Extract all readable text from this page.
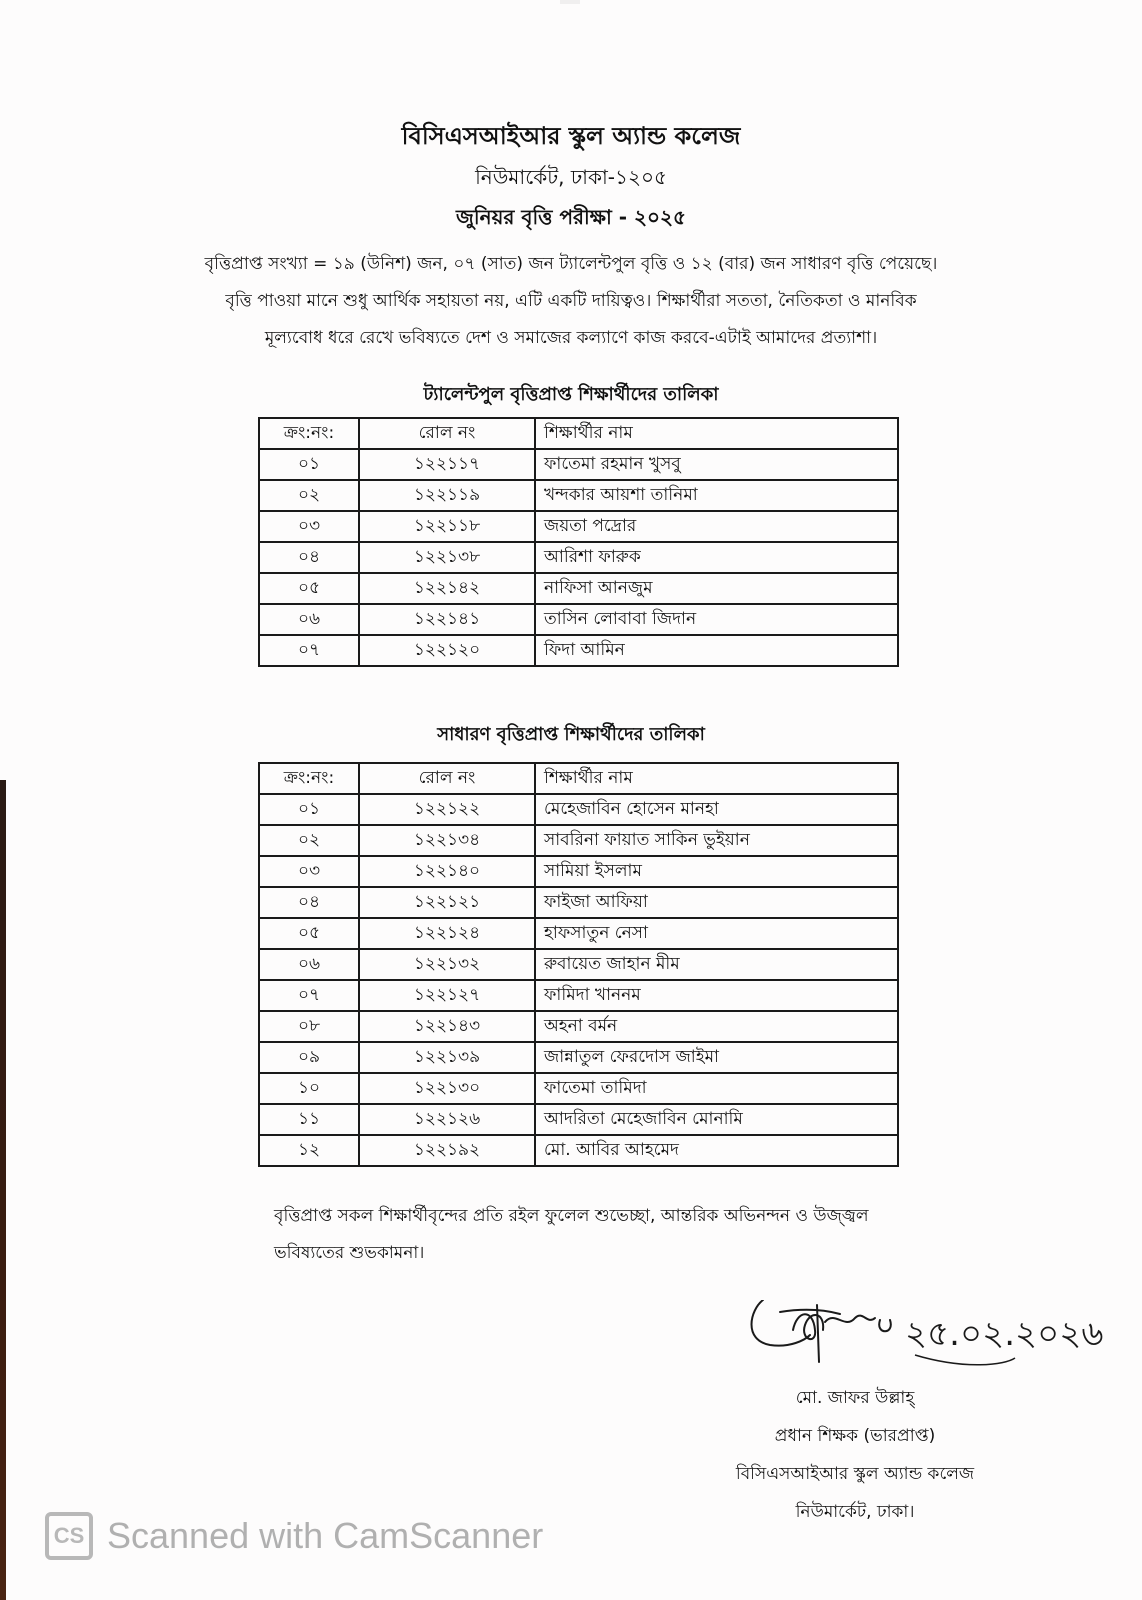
বিসিএসআইআর স্কুল অ্যান্ড কলেজ
নিউমার্কেট, ঢাকা-১২০৫
জুনিয়র বৃত্তি পরীক্ষা - ২০২৫
বৃত্তিপ্রাপ্ত সংখ্যা = ১৯ (উনিশ) জন, ০৭ (সাত) জন ট্যালেন্টপুল বৃত্তি ও ১২ (বার) জন সাধারণ বৃত্তি পেয়েছে।
বৃত্তি পাওয়া মানে শুধু আর্থিক সহায়তা নয়, এটি একটি দায়িত্বও। শিক্ষার্থীরা সততা, নৈতিকতা ও মানবিক
মূল্যবোধ ধরে রেখে ভবিষ্যতে দেশ ও সমাজের কল্যাণে কাজ করবে-এটাই আমাদের প্রত্যাশা।
ট্যালেন্টপুল বৃত্তিপ্রাপ্ত শিক্ষার্থীদের তালিকা
ক্রং:নং:	রোল নং	শিক্ষার্থীর নাম
০১	১২২১১৭	ফাতেমা রহমান খুসবু
০২	১২২১১৯	খন্দকার আয়শা তানিমা
০৩	১২২১১৮	জয়তা পদ্রোর
০৪	১২২১৩৮	আরিশা ফারুক
০৫	১২২১৪২	নাফিসা আনজুম
০৬	১২২১৪১	তাসিন লোবাবা জিদান
০৭	১২২১২০	ফিদা আমিন
সাধারণ বৃত্তিপ্রাপ্ত শিক্ষার্থীদের তালিকা
ক্রং:নং:	রোল নং	শিক্ষার্থীর নাম
০১	১২২১২২	মেহেজাবিন হোসেন মানহা
০২	১২২১৩৪	সাবরিনা ফায়াত সাকিন ভুইয়ান
০৩	১২২১৪০	সামিয়া ইসলাম
০৪	১২২১২১	ফাইজা আফিয়া
০৫	১২২১২৪	হাফসাতুন নেসা
০৬	১২২১৩২	রুবায়েত জাহান মীম
০৭	১২২১২৭	ফামিদা খাননম
০৮	১২২১৪৩	অহনা বর্মন
০৯	১২২১৩৯	জান্নাতুল ফেরদোস জাইমা
১০	১২২১৩০	ফাতেমা তামিদা
১১	১২২১২৬	আদরিতা মেহেজাবিন মোনামি
১২	১২২১৯২	মো. আবির আহমেদ
বৃত্তিপ্রাপ্ত সকল শিক্ষার্থীবৃন্দের প্রতি রইল ফুলেল শুভেচ্ছা, আন্তরিক অভিনন্দন ও উজ্জ্বল
ভবিষ্যতের শুভকামনা।
২৫.০২.২০২৬
মো. জাফর উল্লাহ্
প্রধান শিক্ষক (ভারপ্রাপ্ত)
বিসিএসআইআর স্কুল অ্যান্ড কলেজ
নিউমার্কেট, ঢাকা।
CS Scanned with CamScanner
